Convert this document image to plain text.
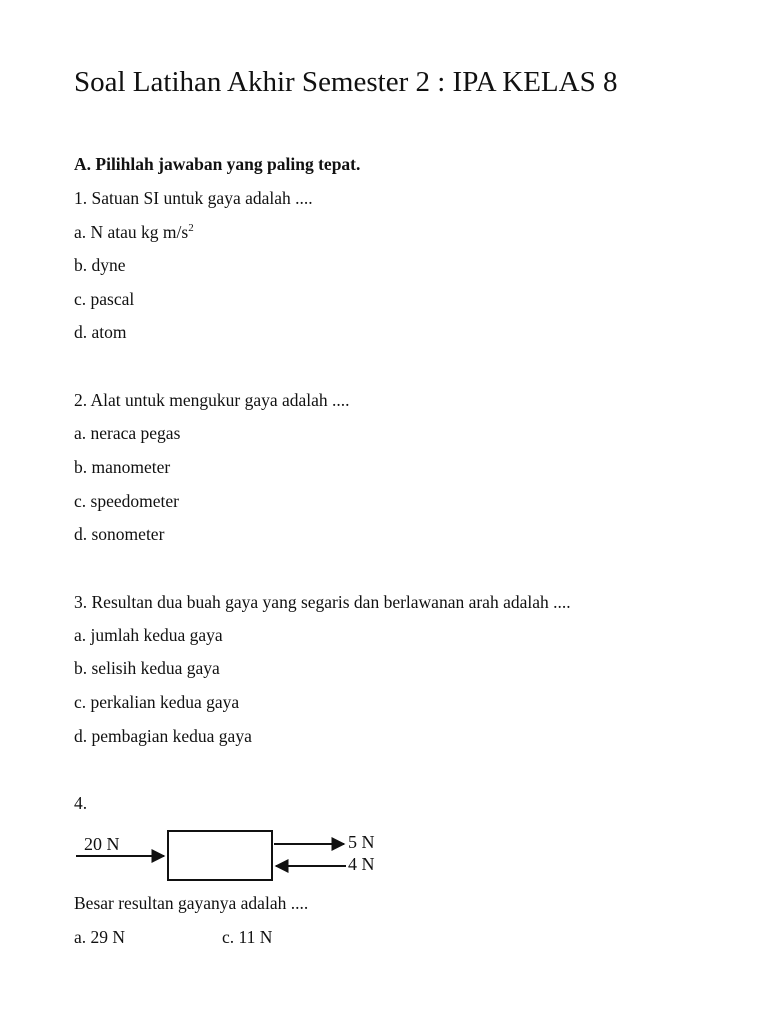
Soal Latihan Akhir Semester 2 : IPA KELAS 8
A. Pilihlah jawaban yang paling tepat.
1. Satuan SI untuk gaya adalah ....
a. N atau kg $m/s^2$
b. dyne
c. pascal
d. atom
2. Alat untuk mengukur gaya adalah ....
a. neraca pegas
b. manometer
c. speedometer
d. sonometer
3. Resultan dua buah gaya yang segaris dan berlawanan arah adalah ....
a. jumlah kedua gaya
b. selisih kedua gaya
c. perkalian kedua gaya
d. pembagian kedua gaya
4.
20 N	5 N
4 N
Besar resultan gayanya adalah ....
a. 29 N	c. 11 N
